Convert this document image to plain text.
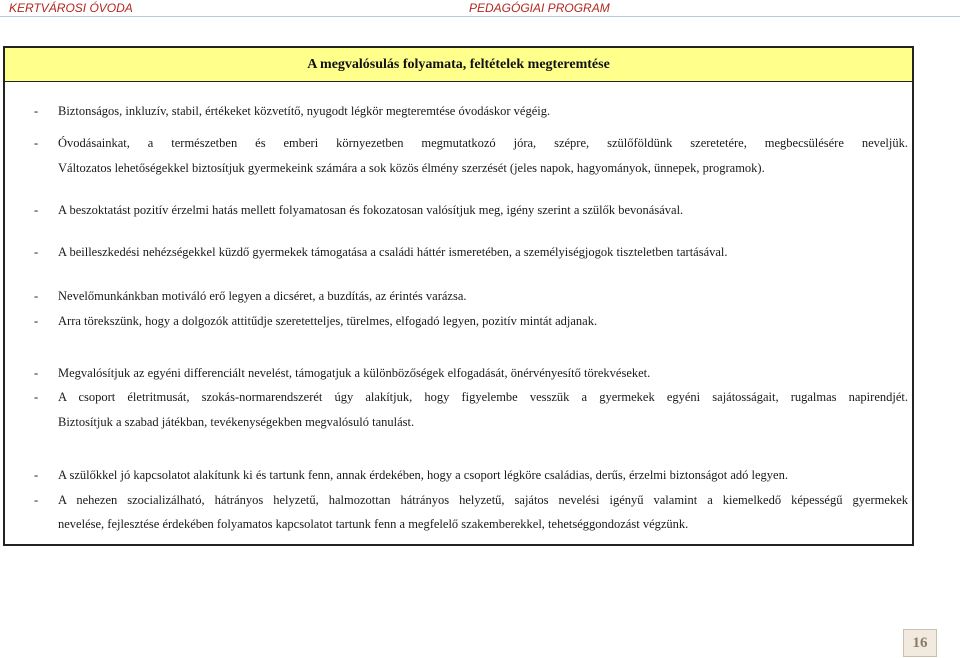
KERTVÁROSI ÓVODA	PEDAGÓGIAI PROGRAM
A megvalósulás folyamata, feltételek megteremtése
- Biztonságos, inkluzív, stabil, értékeket közvetítő, nyugodt légkör megteremtése óvodáskor végéig.
- Óvodásainkat, a természetben és emberi környezetben megmutatkozó jóra, szépre, szülőföldünk szeretetére, megbecsülésére neveljük.
Változatos lehetőségekkel biztosítjuk gyermekeink számára a sok közös élmény szerzését (jeles napok, hagyományok, ünnepek, programok).
- A beszoktatást pozitív érzelmi hatás mellett folyamatosan és fokozatosan valósítjuk meg, igény szerint a szülők bevonásával.
- A beilleszkedési nehézségekkel küzdő gyermekek támogatása a családi háttér ismeretében, a személyiségjogok tiszteletben tartásával.
- Nevelőmunkánkban motiváló erő legyen a dicséret, a buzdítás, az érintés varázsa.
- Arra törekszünk, hogy a dolgozók attitűdje szeretetteljes, türelmes, elfogadó legyen, pozitív mintát adjanak.
- Megvalósítjuk az egyéni differenciált nevelést, támogatjuk a különbözőségek elfogadását, önérvényesítő törekvéseket.
- A csoport életritmusát, szokás-normarendszerét úgy alakítjuk, hogy figyelembe vesszük a gyermekek egyéni sajátosságait, rugalmas napirendjét.
Biztosítjuk a szabad játékban, tevékenységekben megvalósuló tanulást.
- A szülőkkel jó kapcsolatot alakítunk ki és tartunk fenn, annak érdekében, hogy a csoport légköre családias, derűs, érzelmi biztonságot adó legyen.
- A nehezen szocializálható, hátrányos helyzetű, halmozottan hátrányos helyzetű, sajátos nevelési igényű valamint a kiemelkedő képességű gyermekek
nevelése, fejlesztése érdekében folyamatos kapcsolatot tartunk fenn a megfelelő szakemberekkel, tehetséggondozást végzünk.
16
